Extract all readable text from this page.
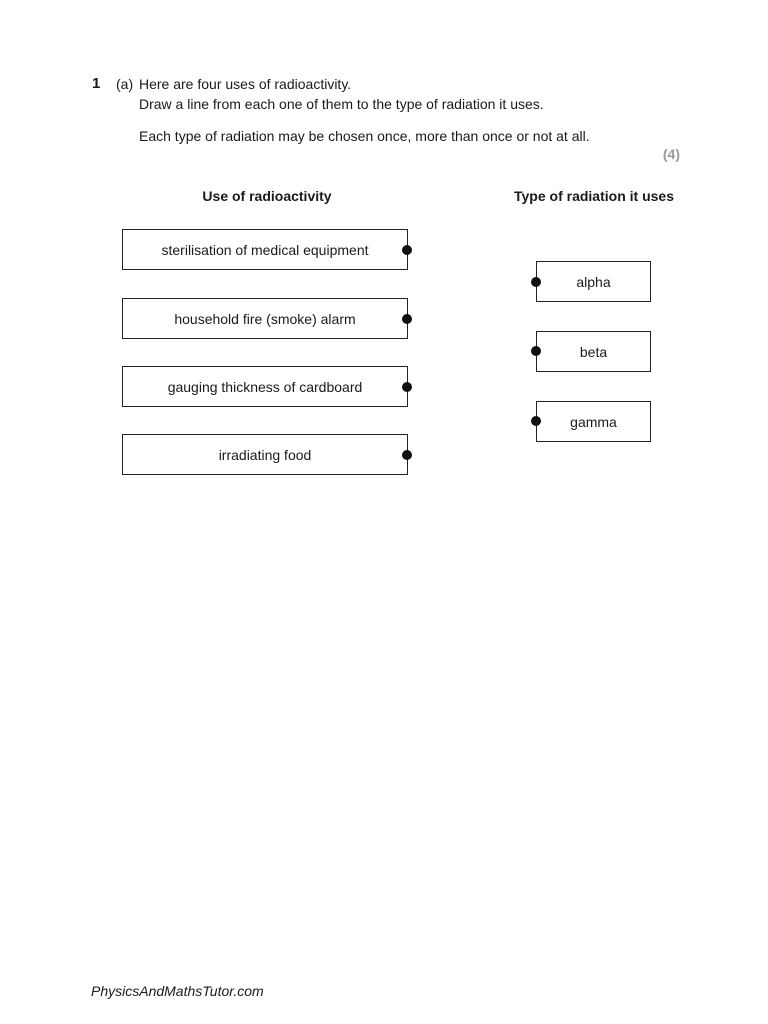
1 (a) Here are four uses of radioactivity.
Draw a line from each one of them to the type of radiation it uses.
Each type of radiation may be chosen once, more than once or not at all.
(4)
Use of radioactivity	Type of radiation it uses
sterilisation of medical equipment
household fire (smoke) alarm
gauging thickness of cardboard
irradiating food
alpha
beta
gamma
PhysicsAndMathsTutor.com
